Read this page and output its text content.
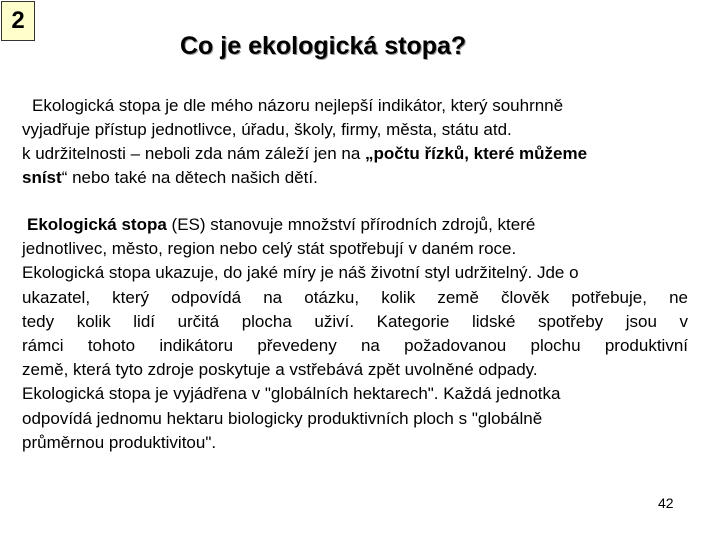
2
Co je ekologická stopa?
Ekologická stopa je dle mého názoru nejlepší indikátor, který souhrnně
vyjadřuje přístup jednotlivce, úřadu, školy, firmy, města, státu atd.
k udržitelnosti – neboli zda nám záleží jen na „počtu řízků, které můžeme
sníst“ nebo také na dětech našich dětí.
Ekologická stopa (ES) stanovuje množství přírodních zdrojů, které
jednotlivec, město, region nebo celý stát spotřebují v daném roce.
Ekologická stopa ukazuje, do jaké míry je náš životní styl udržitelný. Jde o
ukazatel, který odpovídá na otázku, kolik země člověk potřebuje, ne
tedy kolik lidí určitá plocha uživí. Kategorie lidské spotřeby jsou v
rámci tohoto indikátoru převedeny na požadovanou plochu produktivní
země, která tyto zdroje poskytuje a vstřebává zpět uvolněné odpady.
Ekologická stopa je vyjádřena v "globálních hektarech". Každá jednotka
odpovídá jednomu hektaru biologicky produktivních ploch s "globálně
průměrnou produktivitou".
42
